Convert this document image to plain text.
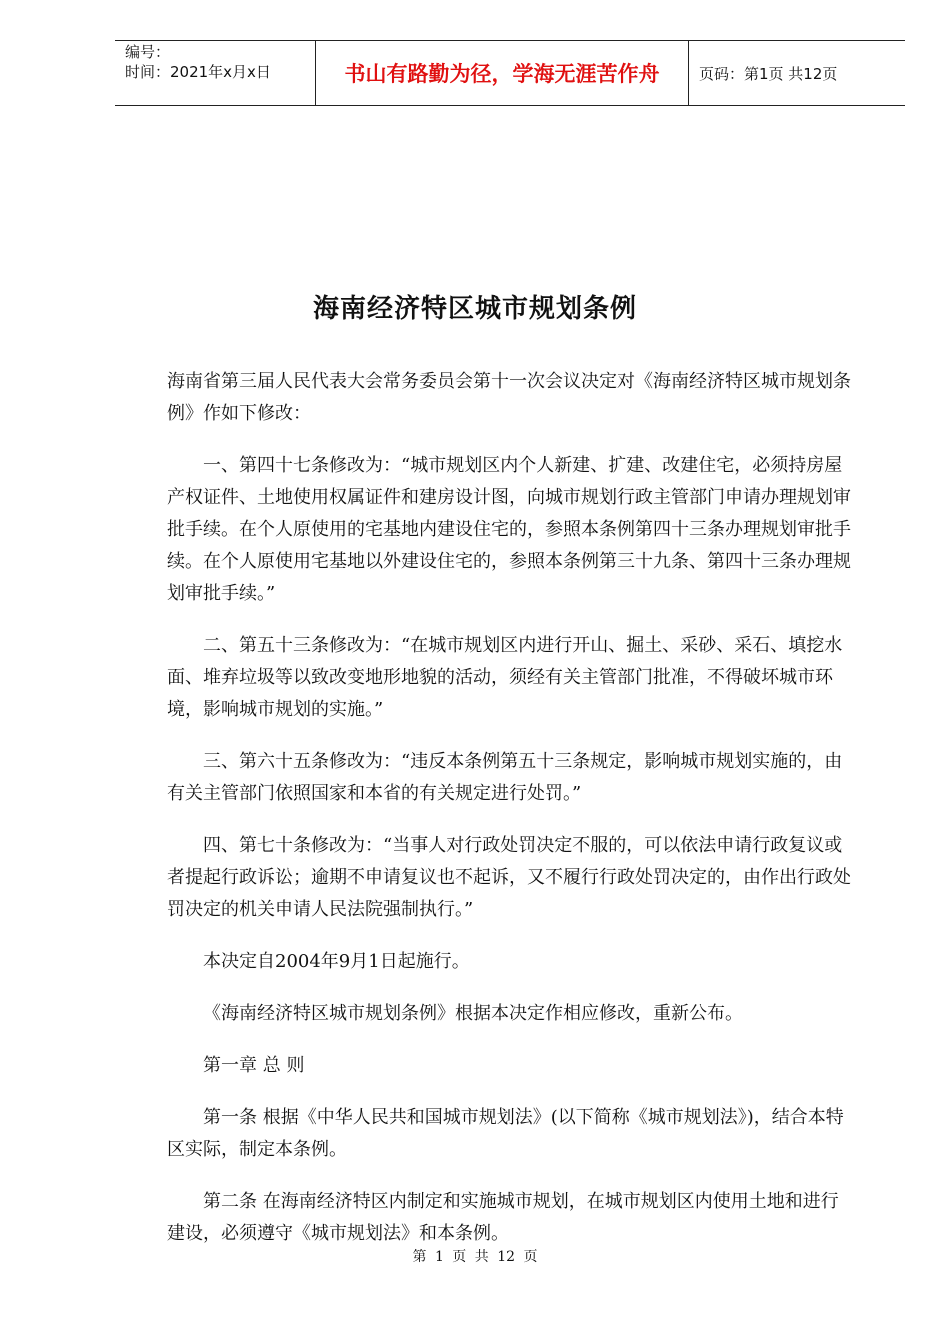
编号：
时间：2021年x月x日	书山有路勤为径，学海无涯苦作舟	页码：第1页 共12页
海南经济特区城市规划条例

海南省第三届人民代表大会常务委员会第十一次会议决定对《海南经济特区城市规划条例》作如下修改：

一、第四十七条修改为：“城市规划区内个人新建、扩建、改建住宅，必须持房屋产权证件、土地使用权属证件和建房设计图，向城市规划行政主管部门申请办理规划审批手续。在个人原使用的宅基地内建设住宅的，参照本条例第四十三条办理规划审批手续。在个人原使用宅基地以外建设住宅的，参照本条例第三十九条、第四十三条办理规划审批手续。”

二、第五十三条修改为：“在城市规划区内进行开山、掘土、采砂、采石、填挖水面、堆弃垃圾等以致改变地形地貌的活动，须经有关主管部门批准，不得破坏城市环境，影响城市规划的实施。”

三、第六十五条修改为：“违反本条例第五十三条规定，影响城市规划实施的，由有关主管部门依照国家和本省的有关规定进行处罚。”

四、第七十条修改为：“当事人对行政处罚决定不服的，可以依法申请行政复议或者提起行政诉讼；逾期不申请复议也不起诉，又不履行行政处罚决定的，由作出行政处罚决定的机关申请人民法院强制执行。”

本决定自2004年9月1日起施行。

《海南经济特区城市规划条例》根据本决定作相应修改，重新公布。

第一章 总 则

第一条 根据《中华人民共和国城市规划法》(以下简称《城市规划法》)，结合本特区实际，制定本条例。

第二条 在海南经济特区内制定和实施城市规划，在城市规划区内使用土地和进行建设，必须遵守《城市规划法》和本条例。

第 1 页 共 12 页
